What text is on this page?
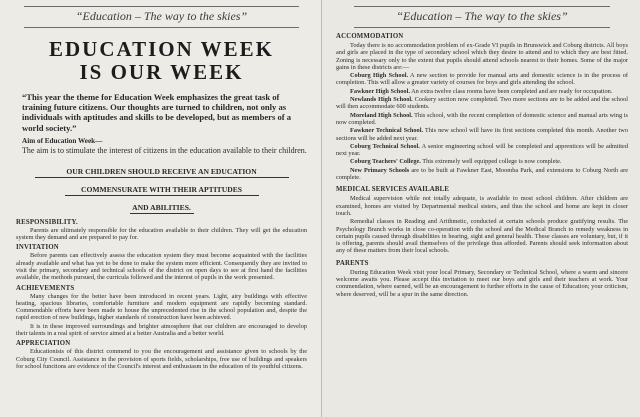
“Education – The way to the skies”
EDUCATION WEEK
IS OUR WEEK
“This year the theme for Education Week emphasizes the great task of training future citizens. Our thoughts are turned to children, not only as individuals with aptitudes and skills to be developed, but as members of a world society.”
Aim of Education Week—
The aim is to stimulate the interest of citizens in the education available to their children.
OUR CHILDREN SHOULD RECEIVE AN EDUCATION
COMMENSURATE WITH THEIR APTITUDES
AND ABILITIES.
RESPONSIBILITY.
Parents are ultimately responsible for the education available to their children. They will get the education system they demand and are prepared to pay for.
INVITATION
Before parents can effectively assess the education system they must become acquainted with the facilities already available and what has yet to be done to make the system more efficient. Consequently they are invited to visit the primary, secondary and technical schools of the district on open days to see at first hand the facilities available, the methods pursued, the curricula followed and the interest of pupils in the work presented.
ACHIEVEMENTS
Many changes for the better have been introduced in recent years. Light, airy buildings with effective heating, spacious libraries, comfortable furniture and modern equipment are rapidly becoming standard. Commendable efforts have been made to house the unprecedented rise in the school population and, despite the rapid erection of new buildings, higher standards of construction have been achieved.
It is in these improved surroundings and brighter atmosphere that our children are encouraged to develop their talents in a real spirit of service aimed at a better Australia and a better world.
APPRECIATION
Educationists of this district commend to you the encouragement and assistance given to schools by the Coburg City Council. Assistance in the provision of sports fields, scholarships, free use of buildings and speakers for school functions are evidence of the Council's interest and enthusiasm in the education of its youthful citizens.
“Education – The way to the skies”
ACCOMMODATION
Today there is no accommodation problem of ex-Grade VI pupils in Brunswick and Coburg districts. All boys and girls are placed in the type of secondary school which they desire to attend and to which they are best fitted. Zoning is necessary only to the extent that pupils should attend schools nearest to their homes. Some of the major gains in these districts are:—
Coburg High School. A new section to provide for manual arts and domestic science is in the process of completion. This will allow a greater variety of courses for boys and girls attending the school.
Fawkner High School. An extra twelve class rooms have been completed and are ready for occupation.
Newlands High School. Cookery section now completed. Two more sections are to be added and the school will then accommodate 600 students.
Moreland High School. This school, with the recent completion of domestic science and manual arts wing is now completed.
Fawkner Technical School. This new school will have its first sections completed this month. Another two sections will be added next year.
Coburg Technical School. A senior engineering school will be completed and apprentices will be admitted next year.
Coburg Teachers' College. This extremely well equipped college is now complete.
New Primary Schools are to be built at Fawkner East, Moomba Park, and extensions to Coburg North are complete.
MEDICAL SERVICES AVAILABLE
Medical supervision while not totally adequate, is available to most school children. After children are examined, homes are visited by Departmental medical sisters, and thus the school and home are kept in closer touch.
Remedial classes in Reading and Arithmetic, conducted at certain schools produce gratifying results. The Psychology Branch works in close co-operation with the school and the Medical Branch to remedy weakness in certain pupils caused through disabilities in hearing, sight and general health. These classes are voluntary, but, if it is offering, parents should avail themselves of the privilege thus afforded. Parents should seek information about any of these matters from their local schools.
PARENTS
During Education Week visit your local Primary, Secondary or Technical School, where a warm and sincere welcome awaits you. Please accept this invitation to meet our boys and girls and their teachers at work. Your commendation, where earned, will be an encouragement to further efforts in the cause of Education; your criticism, where deserved, will be a spur in the same direction.
